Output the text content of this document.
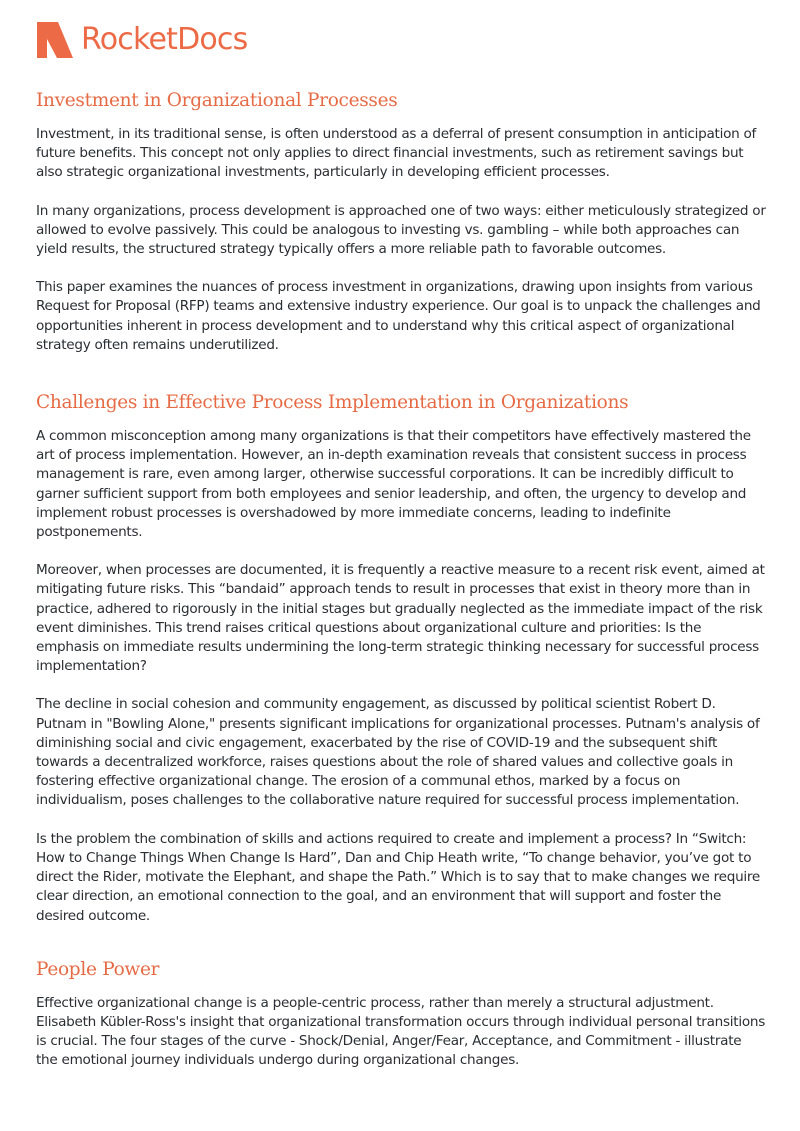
RocketDocs
Investment in Organizational Processes

Investment, in its traditional sense, is often understood as a deferral of present consumption in anticipation of future benefits. This concept not only applies to direct financial investments, such as retirement savings but also strategic organizational investments, particularly in developing efficient processes.

In many organizations, process development is approached one of two ways: either meticulously strategized or allowed to evolve passively. This could be analogous to investing vs. gambling – while both approaches can yield results, the structured strategy typically offers a more reliable path to favorable outcomes.

This paper examines the nuances of process investment in organizations, drawing upon insights from various Request for Proposal (RFP) teams and extensive industry experience. Our goal is to unpack the challenges and opportunities inherent in process development and to understand why this critical aspect of organizational strategy often remains underutilized.

Challenges in Effective Process Implementation in Organizations

A common misconception among many organizations is that their competitors have effectively mastered the art of process implementation. However, an in-depth examination reveals that consistent success in process management is rare, even among larger, otherwise successful corporations. It can be incredibly difficult to garner sufficient support from both employees and senior leadership, and often, the urgency to develop and implement robust processes is overshadowed by more immediate concerns, leading to indefinite postponements.

Moreover, when processes are documented, it is frequently a reactive measure to a recent risk event, aimed at mitigating future risks. This “bandaid” approach tends to result in processes that exist in theory more than in practice, adhered to rigorously in the initial stages but gradually neglected as the immediate impact of the risk event diminishes. This trend raises critical questions about organizational culture and priorities: Is the emphasis on immediate results undermining the long-term strategic thinking necessary for successful process implementation?

The decline in social cohesion and community engagement, as discussed by political scientist Robert D. Putnam in "Bowling Alone," presents significant implications for organizational processes. Putnam's analysis of diminishing social and civic engagement, exacerbated by the rise of COVID-19 and the subsequent shift towards a decentralized workforce, raises questions about the role of shared values and collective goals in fostering effective organizational change. The erosion of a communal ethos, marked by a focus on individualism, poses challenges to the collaborative nature required for successful process implementation.

Is the problem the combination of skills and actions required to create and implement a process? In “Switch: How to Change Things When Change Is Hard”, Dan and Chip Heath write, “To change behavior, you’ve got to direct the Rider, motivate the Elephant, and shape the Path.” Which is to say that to make changes we require clear direction, an emotional connection to the goal, and an environment that will support and foster the desired outcome.

People Power

Effective organizational change is a people-centric process, rather than merely a structural adjustment. Elisabeth Kübler-Ross's insight that organizational transformation occurs through individual personal transitions is crucial. The four stages of the curve - Shock/Denial, Anger/Fear, Acceptance, and Commitment - illustrate the emotional journey individuals undergo during organizational changes.
